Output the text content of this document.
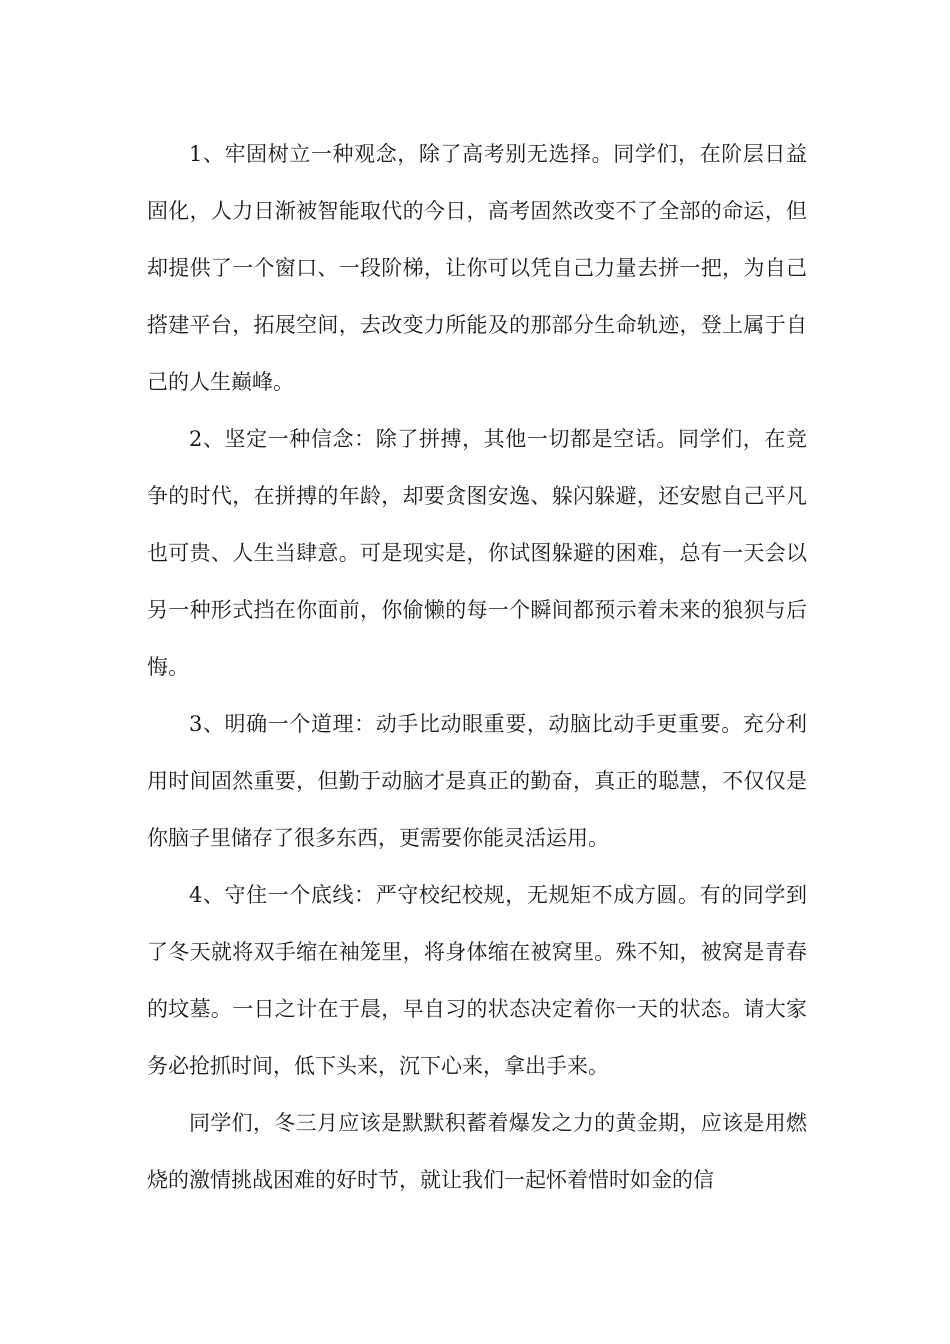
1、牢固树立一种观念，除了高考别无选择。同学们，在阶层日益固化，人力日渐被智能取代的今日，高考固然改变不了全部的命运，但却提供了一个窗口、一段阶梯，让你可以凭自己力量去拼一把，为自己搭建平台，拓展空间，去改变力所能及的那部分生命轨迹，登上属于自己的人生巅峰。

2、坚定一种信念：除了拼搏，其他一切都是空话。同学们，在竞争的时代，在拼搏的年龄，却要贪图安逸、躲闪躲避，还安慰自己平凡也可贵、人生当肆意。可是现实是，你试图躲避的困难，总有一天会以另一种形式挡在你面前，你偷懒的每一个瞬间都预示着未来的狼狈与后悔。

3、明确一个道理：动手比动眼重要，动脑比动手更重要。充分利用时间固然重要，但勤于动脑才是真正的勤奋，真正的聪慧，不仅仅是你脑子里储存了很多东西，更需要你能灵活运用。

4、守住一个底线：严守校纪校规，无规矩不成方圆。有的同学到了冬天就将双手缩在袖笼里，将身体缩在被窝里。殊不知，被窝是青春的坟墓。一日之计在于晨，早自习的状态决定着你一天的状态。请大家务必抢抓时间，低下头来，沉下心来，拿出手来。

同学们，冬三月应该是默默积蓄着爆发之力的黄金期，应该是用燃烧的激情挑战困难的好时节，就让我们一起怀着惜时如金的信
